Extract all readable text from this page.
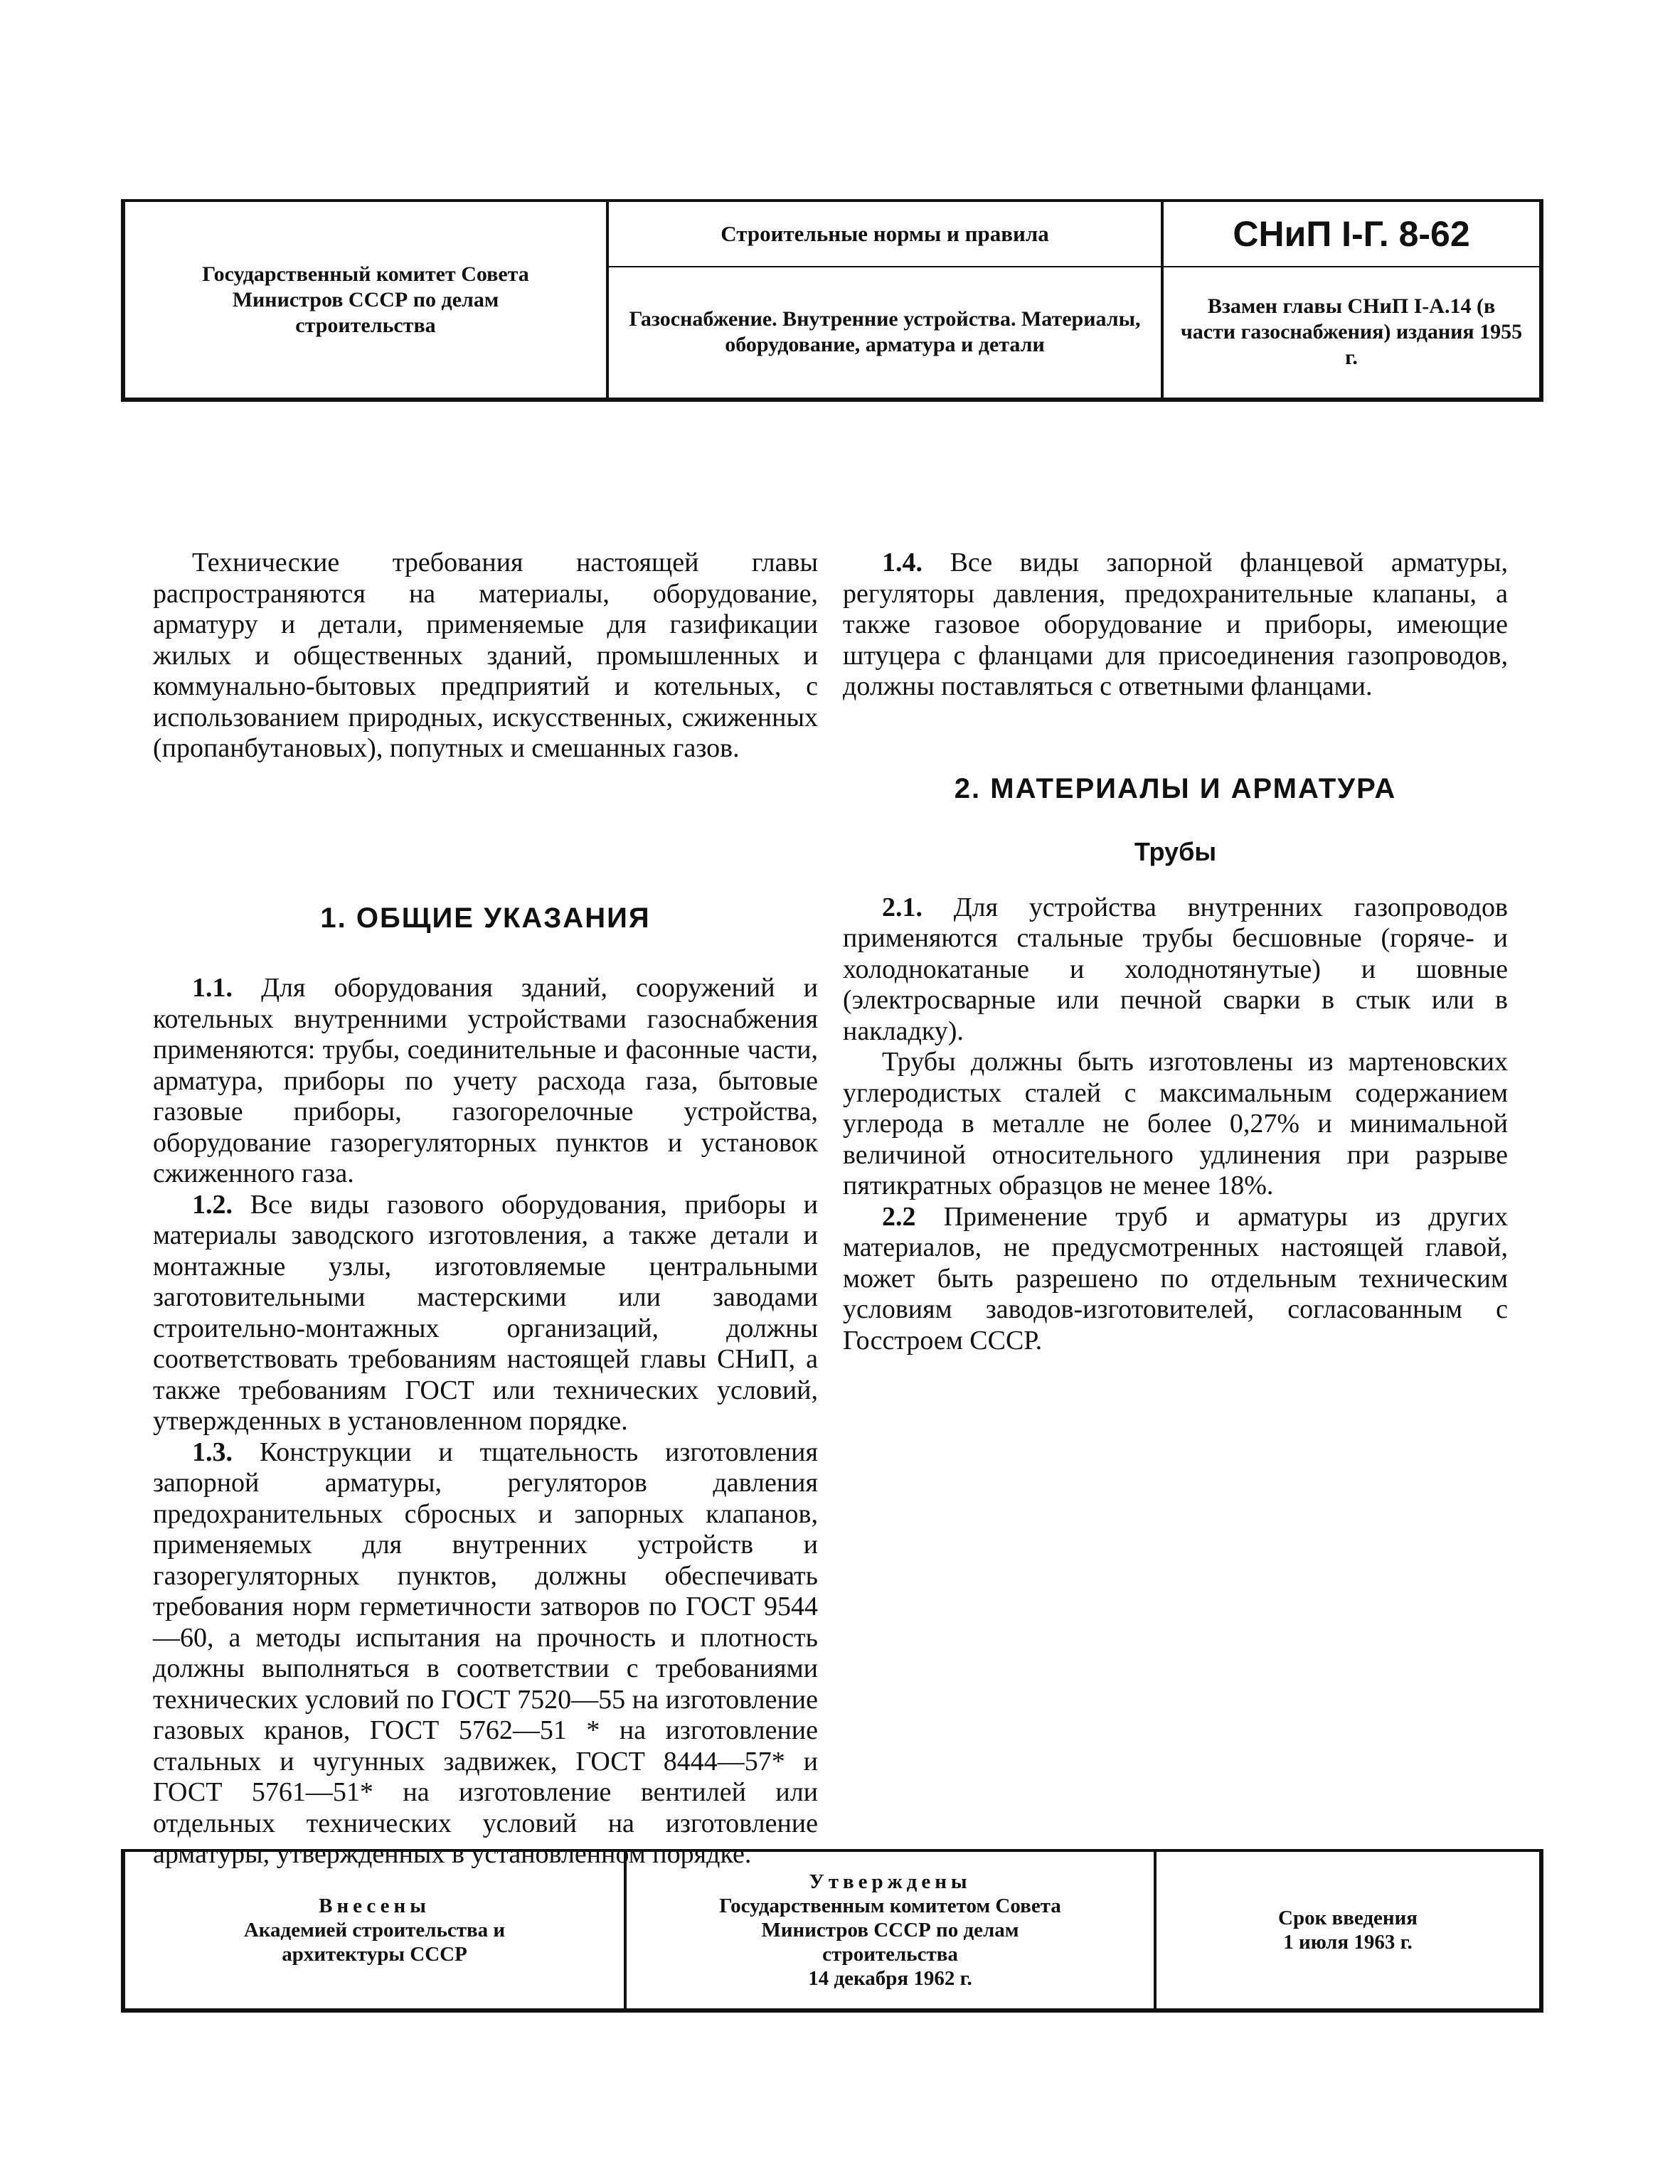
Государственный комитет Совета Министров СССР по делам строительства
Строительные нормы и правила
Газоснабжение. Внутренние устройства. Материалы, оборудование, арматура и детали
СНиП I-Г. 8-62
Взамен главы СНиП I-А.14 (в части газоснабжения) издания 1955 г.

Технические требования настоящей главы распространяются на материалы, оборудование, арматуру и детали, применяемые для газификации жилых и общественных зданий, промышленных и коммунально-бытовых предприятий и котельных, с использованием природных, искусственных, сжиженных (пропанбутановых), попутных и смешанных газов.

1. ОБЩИЕ УКАЗАНИЯ

1.1. Для оборудования зданий, сооружений и котельных внутренними устройствами газоснабжения применяются: трубы, соединительные и фасонные части, арматура, приборы по учету расхода газа, бытовые газовые приборы, газогорелочные устройства, оборудование газорегуляторных пунктов и установок сжиженного газа.

1.2. Все виды газового оборудования, приборы и материалы заводского изготовления, а также детали и монтажные узлы, изготовляемые центральными заготовительными мастерскими или заводами строительно-монтажных организаций, должны соответствовать требованиям настоящей главы СНиП, а также требованиям ГОСТ или технических условий, утвержденных в установленном порядке.

1.3. Конструкции и тщательность изготовления запорной арматуры, регуляторов давления предохранительных сбросных и запорных клапанов, применяемых для внутренних устройств и газорегуляторных пунктов, должны обеспечивать требования норм герметичности затворов по ГОСТ 9544—60, а методы испытания на прочность и плотность должны выполняться в соответствии с требованиями технических условий по ГОСТ 7520—55 на изготовление газовых кранов, ГОСТ 5762—51 * на изготовление стальных и чугунных задвижек, ГОСТ 8444—57* и ГОСТ 5761—51* на изготовление вентилей или отдельных технических условий на изготовление арматуры, утвержденных в установленном порядке.

1.4. Все виды запорной фланцевой арматуры, регуляторы давления, предохранительные клапаны, а также газовое оборудование и приборы, имеющие штуцера с фланцами для присоединения газопроводов, должны поставляться с ответными фланцами.

2. МАТЕРИАЛЫ И АРМАТУРА
Трубы

2.1. Для устройства внутренних газопроводов применяются стальные трубы бесшовные (горяче- и холоднокатаные и холоднотянутые) и шовные (электросварные или печной сварки в стык или в накладку).

Трубы должны быть изготовлены из мартеновских углеродистых сталей с максимальным содержанием углерода в металле не более 0,27% и минимальной величиной относительного удлинения при разрыве пятикратных образцов не менее 18%.

2.2 Применение труб и арматуры из других материалов, не предусмотренных настоящей главой, может быть разрешено по отдельным техническим условиям заводов-изготовителей, согласованным с Госстроем СССР.

Внесены
Академией строительства и архитектуры СССР
Утверждены
Государственным комитетом Совета Министров СССР по делам строительства
14 декабря 1962 г.
Срок введения
1 июля 1963 г.
